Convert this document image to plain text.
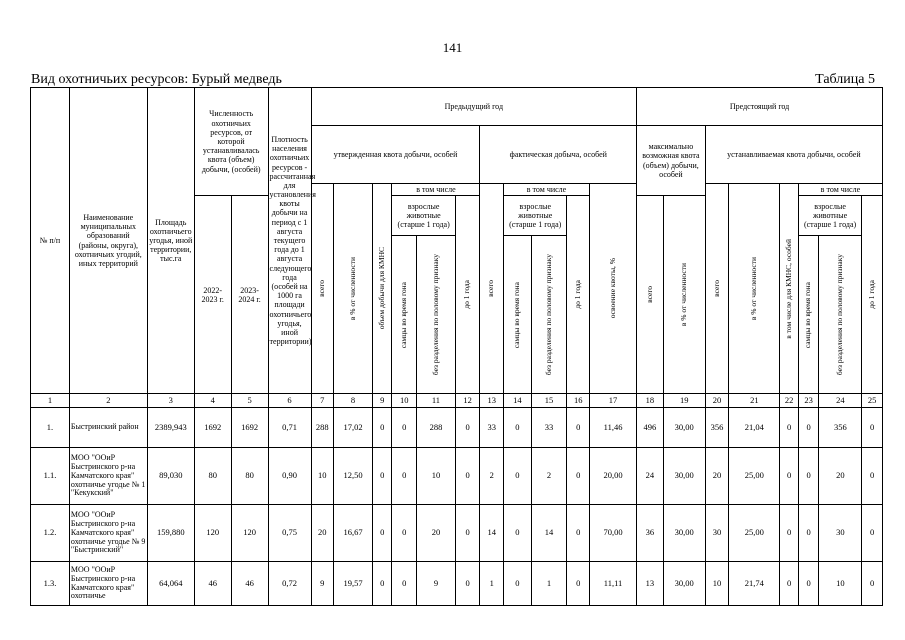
141
Вид охотничьих ресурсов: Бурый медведь	Таблица 5
№ п/п	Наименование муниципальных образований (районы, округа), охотничьих угодий, иных территорий	Площадь охотничьего угодья, иной территории, тыс.га	Численность охотничьих ресурсов, от которой устанавливалась квота (объем) добычи, (особей)		Плотность населения охотничьих ресурсов - рассчитанная для установления квоты добычи на период с 1 августа текущего года до 1 августа следующего года (особей на 1000 га площади охотничьего угодья, иной территории)	Предыдущий год											Предстоящий год							
						утвержденная квота добычи, особей						фактическая добыча, особей					максимально возможная квота (объем) добычи, особей		устанавливаемая квота добычи, особей					

						всего	в % от численности	объем добычи для КМНС	в том числе			всего	в том числе			освоение квоты, %			всего	в % от численности	в том числе для КМНС, особей	в том числе		
			2022-2023 г.	2023-2024 г.					взрослые животные (старше 1 года)		до 1 года		взрослые животные (старше 1 года)		до 1 года		всего	в % от численности				взрослые животные (старше 1 года)		до 1 года

									самцы во время гона	без разделения по половому признаку			самцы во время гона	без разделения по половому признаку								самцы во время гона	без разделения по половому признаку	

1	2	3	4	5	6	7	8	9	10	11	12	13	14	15	16	17	18	19	20	21	22	23	24	25
1.	Быстринский район	2389,943	1692	1692	0,71	288	17,02	0	0	288	0	33	0	33	0	11,46	496	30,00	356	21,04	0	0	356	0
1.1.	МОО "ООиР Быстринского р-на Камчатского края" охотничье угодье № 1 "Кекукский"	89,030	80	80	0,90	10	12,50	0	0	10	0	2	0	2	0	20,00	24	30,00	20	25,00	0	0	20	0
1.2.	МОО "ООиР Быстринского р-на Камчатского края" охотничье угодье № 9 "Быстринский"	159,880	120	120	0,75	20	16,67	0	0	20	0	14	0	14	0	70,00	36	30,00	30	25,00	0	0	30	0
1.3.	МОО "ООиР Быстринского р-на Камчатского края" охотничье	64,064	46	46	0,72	9	19,57	0	0	9	0	1	0	1	0	11,11	13	30,00	10	21,74	0	0	10	0
